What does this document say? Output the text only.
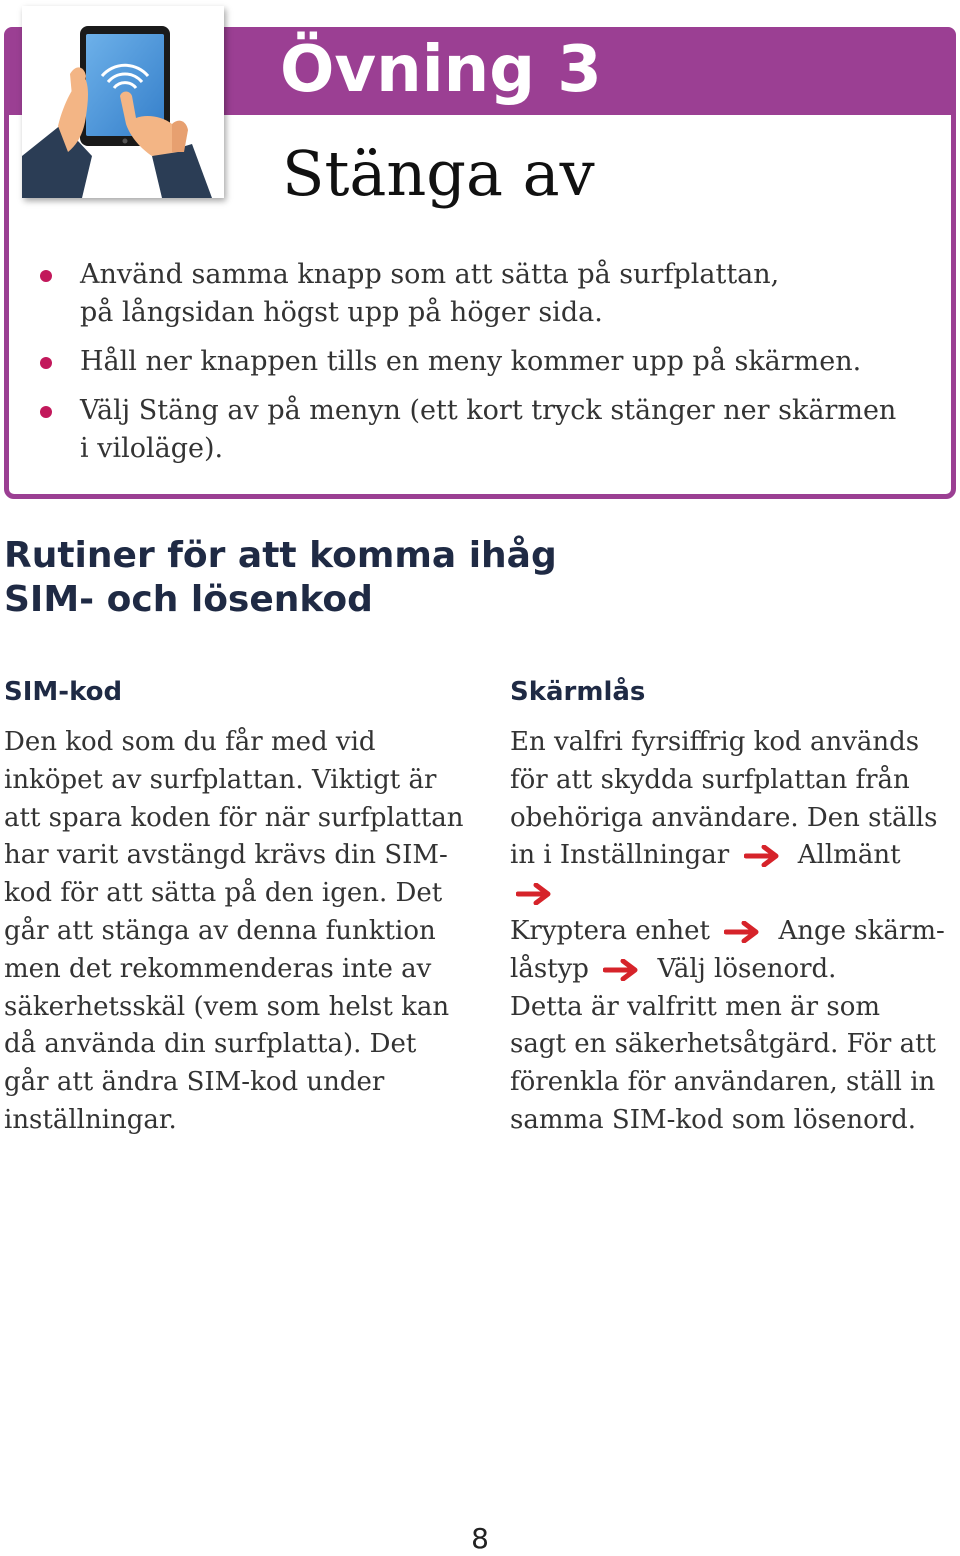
Övning 3
Stänga av
Använd samma knapp som att sätta på surfplattan,
på långsidan högst upp på höger sida.
Håll ner knappen tills en meny kommer upp på skärmen.
Välj Stäng av på menyn (ett kort tryck stänger ner skärmen
i viloläge).
Rutiner för att komma ihåg
SIM- och lösenkod
SIM-kod
Den kod som du får med vid
inköpet av surfplattan. Viktigt är
att spara koden för när surfplattan
har varit avstängd krävs din SIM-
kod för att sätta på den igen. Det
går att stänga av denna funktion
men det rekommenderas inte av
säkerhetsskäl (vem som helst kan
då använda din surfplatta). Det
går att ändra SIM-kod under
inställningar.
Skärmlås
En valfri fyrsiffrig kod används
för att skydda surfplattan från
obehöriga användare. Den ställs
in i Inställningar	Allmänt
Kryptera enhet	Ange skärm-
låstyp	Välj lösenord.
Detta är valfritt men är som
sagt en säkerhetsåtgärd. För att
förenkla för användaren, ställ in
samma SIM-kod som lösenord.
8
